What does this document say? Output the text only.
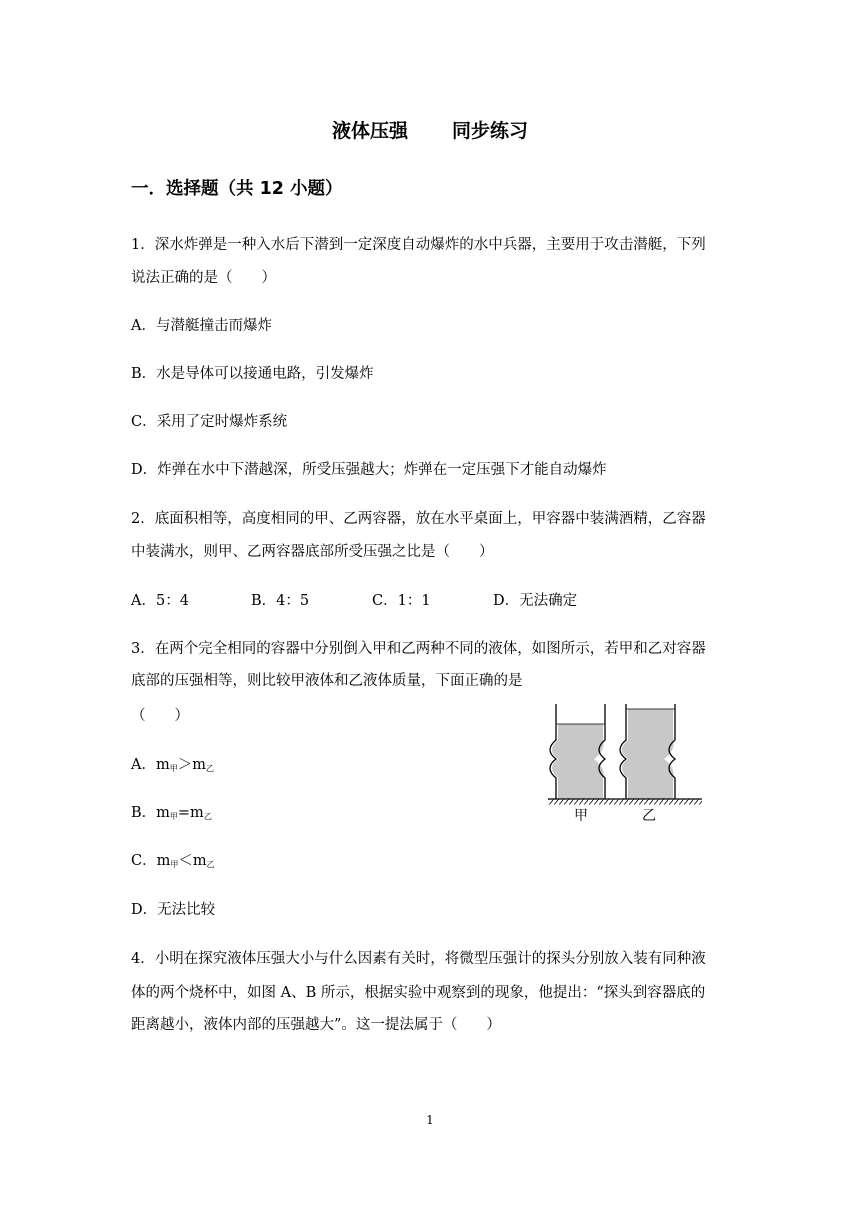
液体压强 同步练习
一．选择题（共 12 小题）
1．深水炸弹是一种入水后下潜到一定深度自动爆炸的水中兵器，主要用于攻击潜艇，下列
说法正确的是（　　）
A．与潜艇撞击而爆炸
B．水是导体可以接通电路，引发爆炸
C．采用了定时爆炸系统
D．炸弹在水中下潜越深，所受压强越大；炸弹在一定压强下才能自动爆炸
2．底面积相等，高度相同的甲、乙两容器，放在水平桌面上，甲容器中装满酒精，乙容器
中装满水，则甲、乙两容器底部所受压强之比是（　　）
A．5：4	B．4：5	C．1：1	D．无法确定
3．在两个完全相同的容器中分别倒入甲和乙两种不同的液体，如图所示，若甲和乙对容器
底部的压强相等，则比较甲液体和乙液体质量，下面正确的是
（　　）
A．m甲＞m乙
B．m甲=m乙
C．m甲＜m乙
D．无法比较
甲	乙
4．小明在探究液体压强大小与什么因素有关时，将微型压强计的探头分别放入装有同种液
体的两个烧杯中，如图 A、B 所示，根据实验中观察到的现象，他提出：“探头到容器底的
距离越小，液体内部的压强越大”。这一提法属于（　　）
1
